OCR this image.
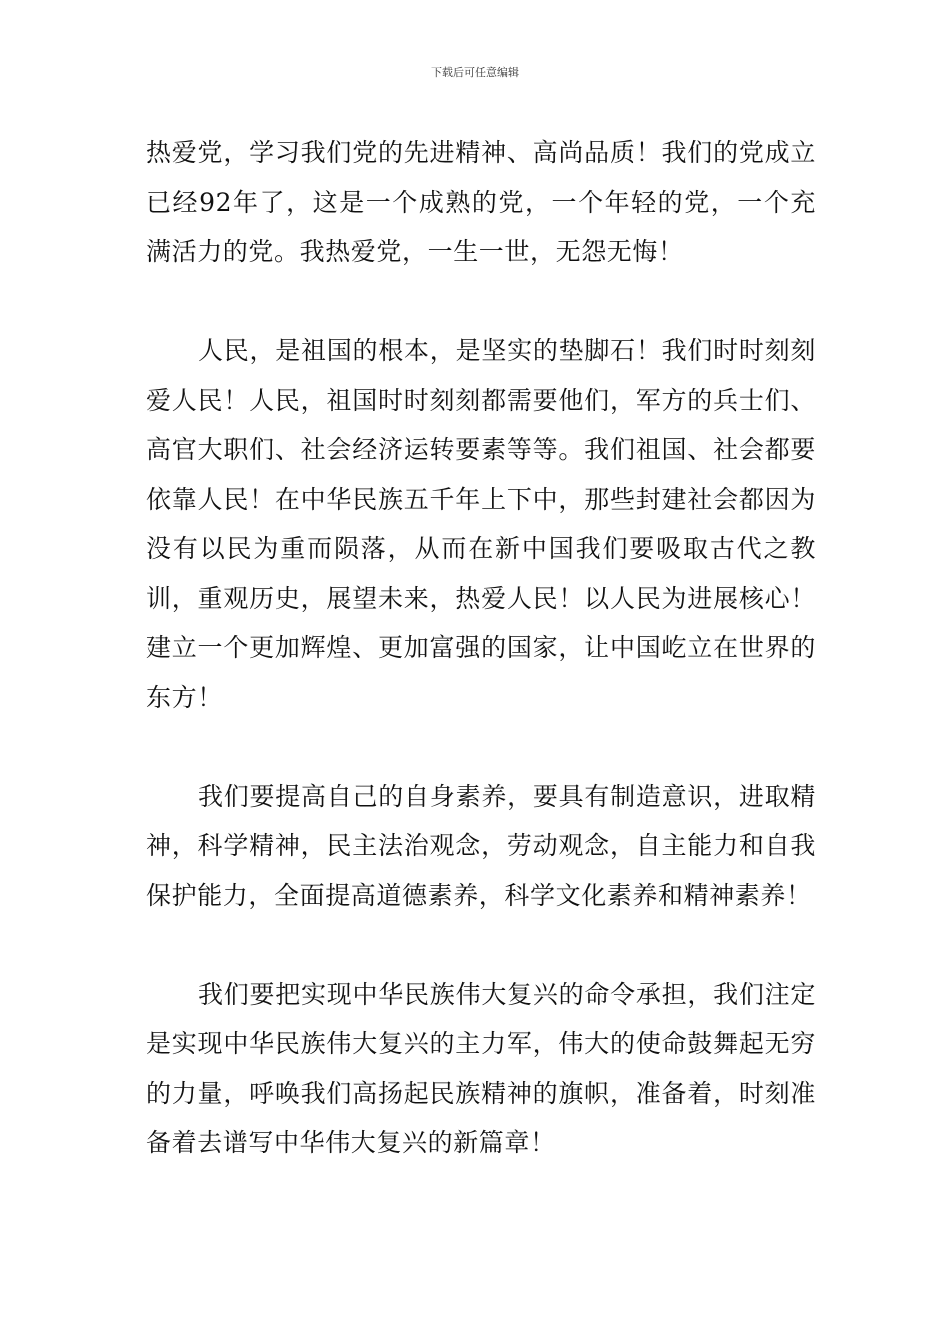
下载后可任意编辑

热爱党，学习我们党的先进精神、高尚品质！我们的党成立已经92年了，这是一个成熟的党，一个年轻的党，一个充满活力的党。我热爱党，一生一世，无怨无悔！

人民，是祖国的根本，是坚实的垫脚石！我们时时刻刻爱人民！人民，祖国时时刻刻都需要他们，军方的兵士们、高官大职们、社会经济运转要素等等。我们祖国、社会都要依靠人民！在中华民族五千年上下中，那些封建社会都因为没有以民为重而陨落，从而在新中国我们要吸取古代之教训，重观历史，展望未来，热爱人民！以人民为进展核心！建立一个更加辉煌、更加富强的国家，让中国屹立在世界的东方！

我们要提高自己的自身素养，要具有制造意识，进取精神，科学精神，民主法治观念，劳动观念，自主能力和自我保护能力，全面提高道德素养，科学文化素养和精神素养！

我们要把实现中华民族伟大复兴的命令承担，我们注定是实现中华民族伟大复兴的主力军，伟大的使命鼓舞起无穷的力量，呼唤我们高扬起民族精神的旗帜，准备着，时刻准备着去谱写中华伟大复兴的新篇章！
